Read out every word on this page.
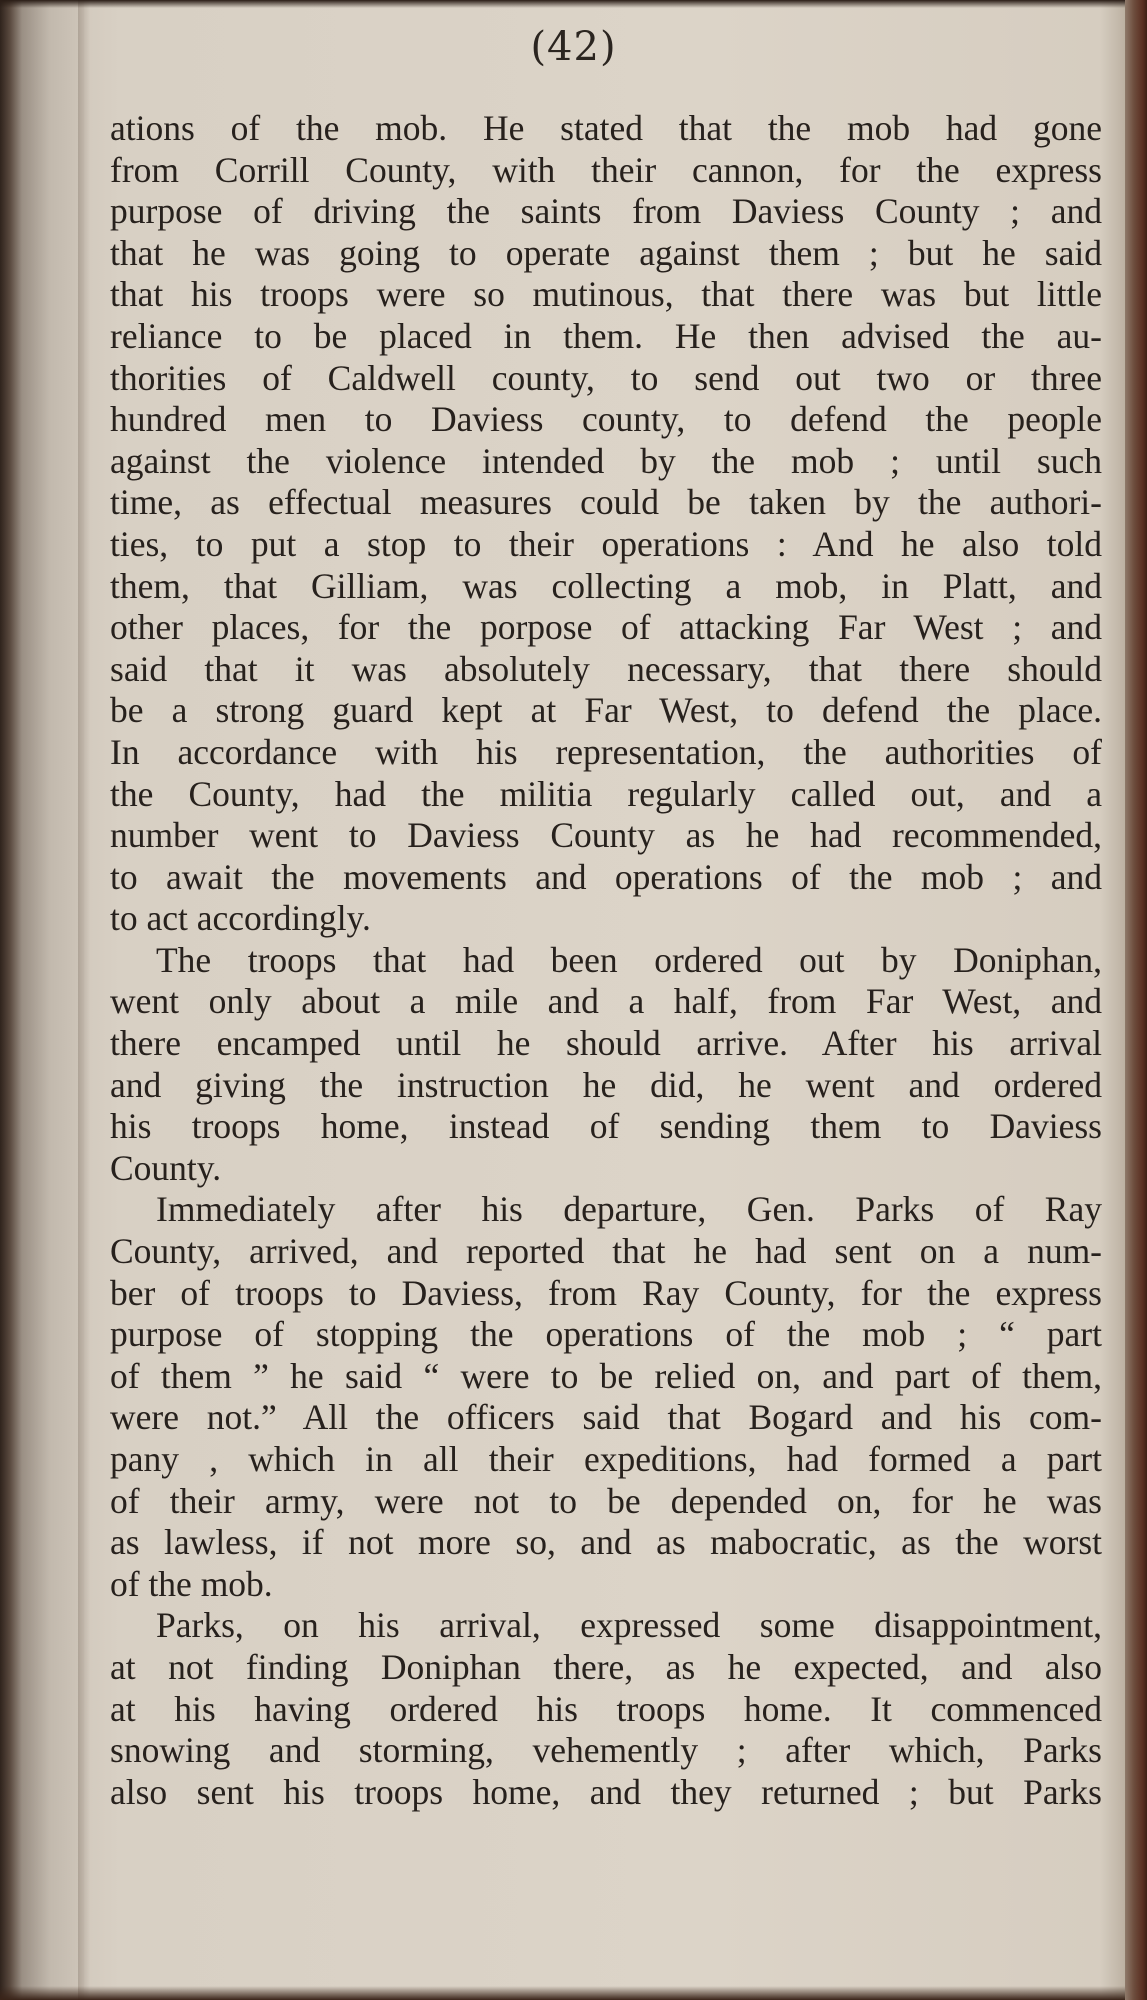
(42)
ations of the mob. He stated that the mob had gone
from Corrill County, with their cannon, for the express
purpose of driving the saints from Daviess County ; and
that he was going to operate against them ; but he said
that his troops were so mutinous, that there was but little
reliance to be placed in them. He then advised the au-
thorities of Caldwell county, to send out two or three
hundred men to Daviess county, to defend the people
against the violence intended by the mob ; until such
time, as effectual measures could be taken by the authori-
ties, to put a stop to their operations : And he also told
them, that Gilliam, was collecting a mob, in Platt, and
other places, for the porpose of attacking Far West ; and
said that it was absolutely necessary, that there should
be a strong guard kept at Far West, to defend the place.
In accordance with his representation, the authorities of
the County, had the militia regularly called out, and a
number went to Daviess County as he had recommended,
to await the movements and operations of the mob ; and
to act accordingly.
The troops that had been ordered out by Doniphan,
went only about a mile and a half, from Far West, and
there encamped until he should arrive. After his arrival
and giving the instruction he did, he went and ordered
his troops home, instead of sending them to Daviess
County.
Immediately after his departure, Gen. Parks of Ray
County, arrived, and reported that he had sent on a num-
ber of troops to Daviess, from Ray County, for the express
purpose of stopping the operations of the mob ; “ part
of them ” he said “ were to be relied on, and part of them,
were not.” All the officers said that Bogard and his com-
pany , which in all their expeditions, had formed a part
of their army, were not to be depended on, for he was
as lawless, if not more so, and as mabocratic, as the worst
of the mob.
Parks, on his arrival, expressed some disappointment,
at not finding Doniphan there, as he expected, and also
at his having ordered his troops home. It commenced
snowing and storming, vehemently ; after which, Parks
also sent his troops home, and they returned ; but Parks
